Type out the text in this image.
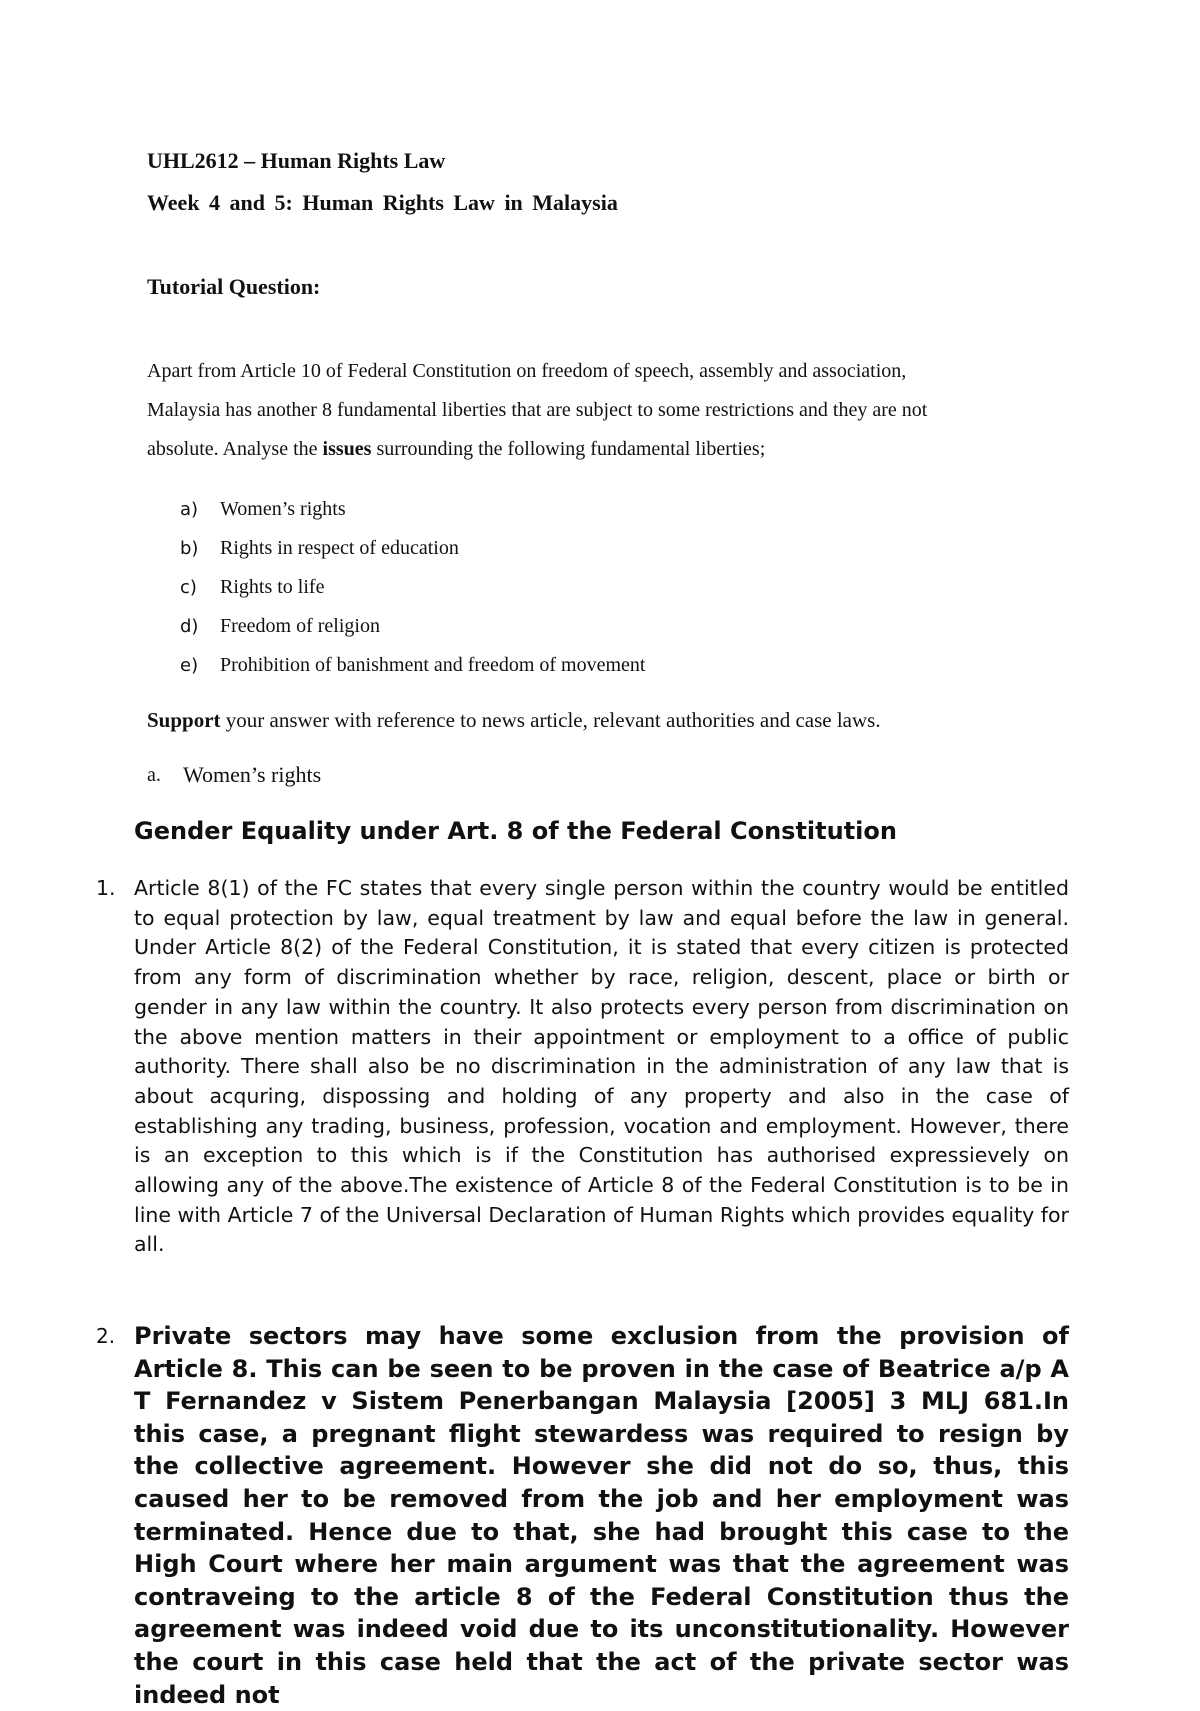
UHL2612 – Human Rights Law
Week 4 and 5: Human Rights Law in Malaysia
Tutorial Question:
Apart from Article 10 of Federal Constitution on freedom of speech, assembly and association,
Malaysia has another 8 fundamental liberties that are subject to some restrictions and they are not
absolute. Analyse the issues surrounding the following fundamental liberties;
a)	Women’s rights
b)	Rights in respect of education
c)	Rights to life
d)	Freedom of religion
e)	Prohibition of banishment and freedom of movement
Support your answer with reference to news article, relevant authorities and case laws.
a.	Women’s rights
Gender Equality under Art. 8 of the Federal Constitution
1. Article 8(1) of the FC states that every single person within the country would be entitled to equal protection by law, equal treatment by law and equal before the law in general. Under Article 8(2) of the Federal Constitution, it is stated that every citizen is protected from any form of discrimination whether by race, religion, descent, place or birth or gender in any law within the country. It also protects every person from discrimination on the above mention matters in their appointment or employment to a office of public authority. There shall also be no discrimination in the administration of any law that is about acquring, dispossing and holding of any property and also in the case of establishing any trading, business, profession, vocation and employment. However, there is an exception to this which is if the Constitution has authorised expressievely on allowing any of the above.The existence of Article 8 of the Federal Constitution is to be in line with Article 7 of the Universal Declaration of Human Rights which provides equality for all.
2. Private sectors may have some exclusion from the provision of Article 8. This can be seen to be proven in the case of Beatrice a/p A T Fernandez v Sistem Penerbangan Malaysia [2005] 3 MLJ 681.In this case, a pregnant flight stewardess was required to resign by the collective agreement. However she did not do so, thus, this caused her to be removed from the job and her employment was terminated. Hence due to that, she had brought this case to the High Court where her main argument was that the agreement was contraveing to the article 8 of the Federal Constitution thus the agreement was indeed void due to its unconstitutionality. However the court in this case held that the act of the private sector was indeed not
